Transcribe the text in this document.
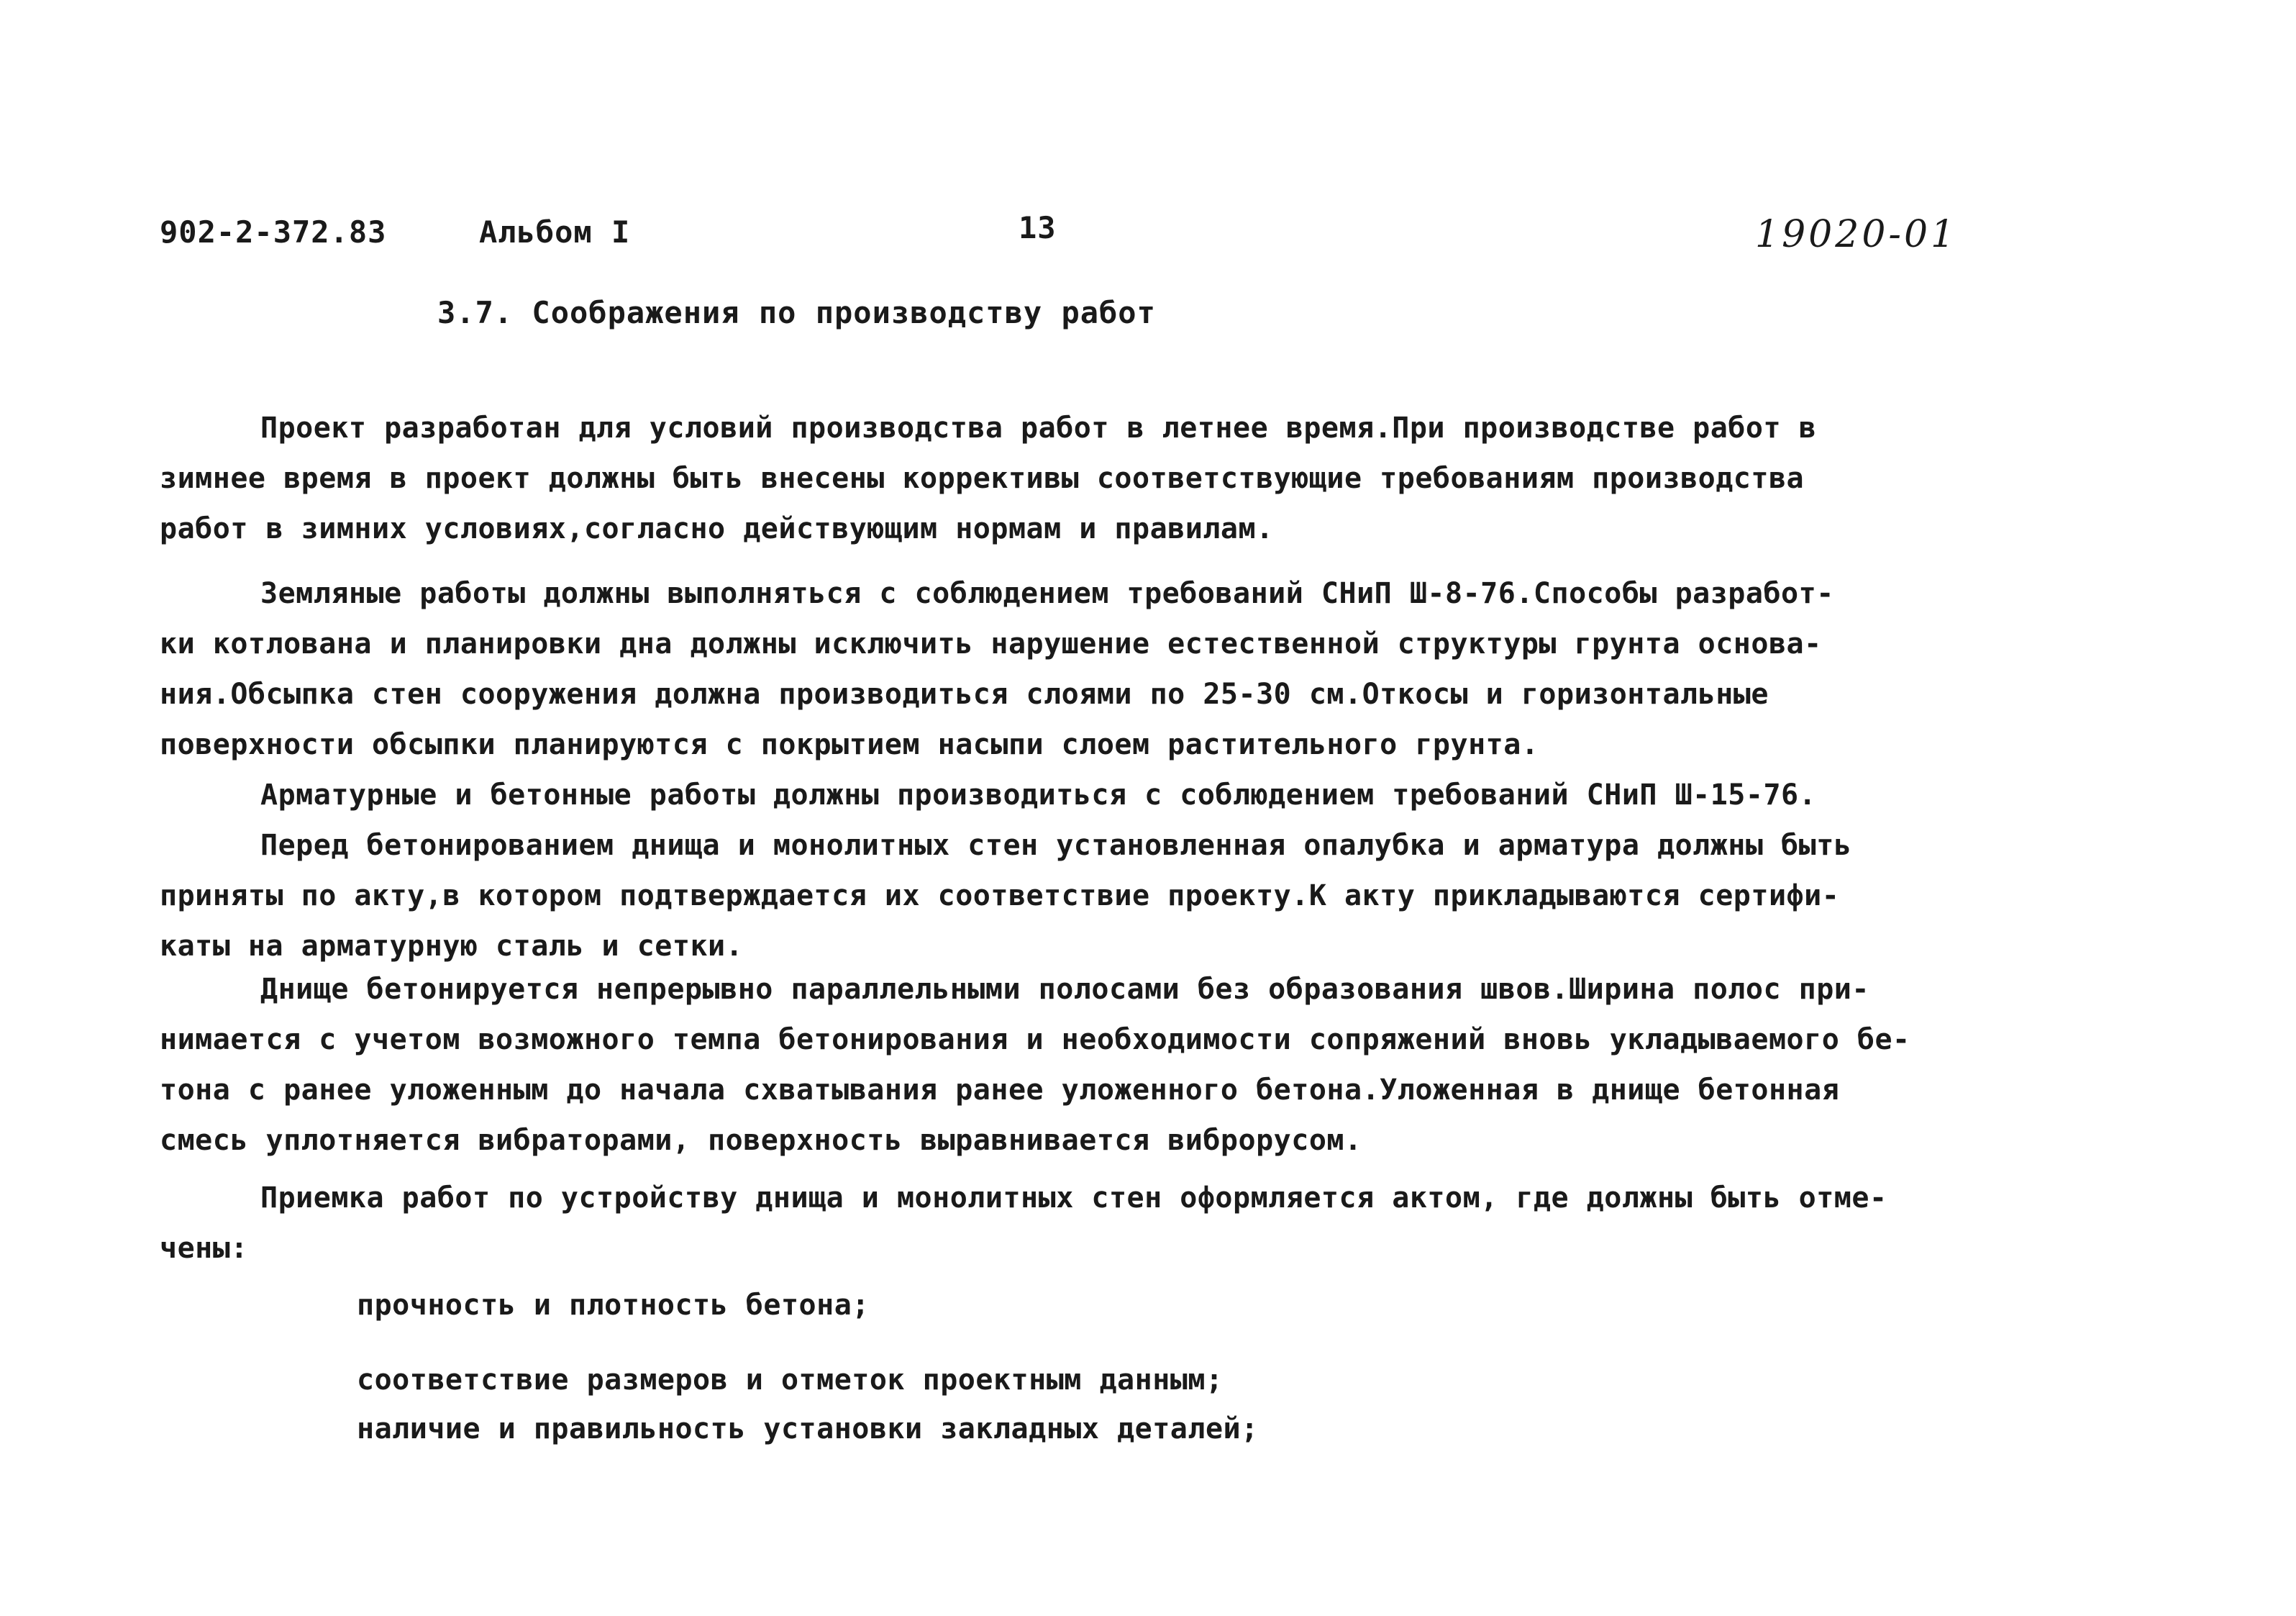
902-2-372.83	Альбом I	13	19020-01
3.7. Соображения по производству работ
Проект разработан для условий производства работ в летнее время.При производстве работ в
зимнее время в проект должны быть внесены коррективы соответствующие требованиям производства
работ в зимних условиях,согласно действующим нормам и правилам.
Земляные работы должны выполняться с соблюдением требований СНиП Ш-8-76.Способы разработ-
ки котлована и планировки дна должны исключить нарушение естественной структуры грунта основа-
ния.Обсыпка стен сооружения должна производиться слоями по 25-30 см.Откосы и горизонтальные
поверхности обсыпки планируются с покрытием насыпи слоем растительного грунта.
Арматурные и бетонные работы должны производиться с соблюдением требований СНиП Ш-15-76.
Перед бетонированием днища и монолитных стен установленная опалубка и арматура должны быть
приняты по акту,в котором подтверждается их соответствие проекту.К акту прикладываются сертифи-
каты на арматурную сталь и сетки.
Днище бетонируется непрерывно параллельными полосами без образования швов.Ширина полос при-
нимается с учетом возможного темпа бетонирования и необходимости сопряжений вновь укладываемого бе-
тона с ранее уложенным до начала схватывания ранее уложенного бетона.Уложенная в днище бетонная
смесь уплотняется вибраторами, поверхность выравнивается виброрусом.
Приемка работ по устройству днища и монолитных стен оформляется актом, где должны быть отме-
чены:
прочность и плотность бетона;
соответствие размеров и отметок проектным данным;
наличие и правильность установки закладных деталей;
